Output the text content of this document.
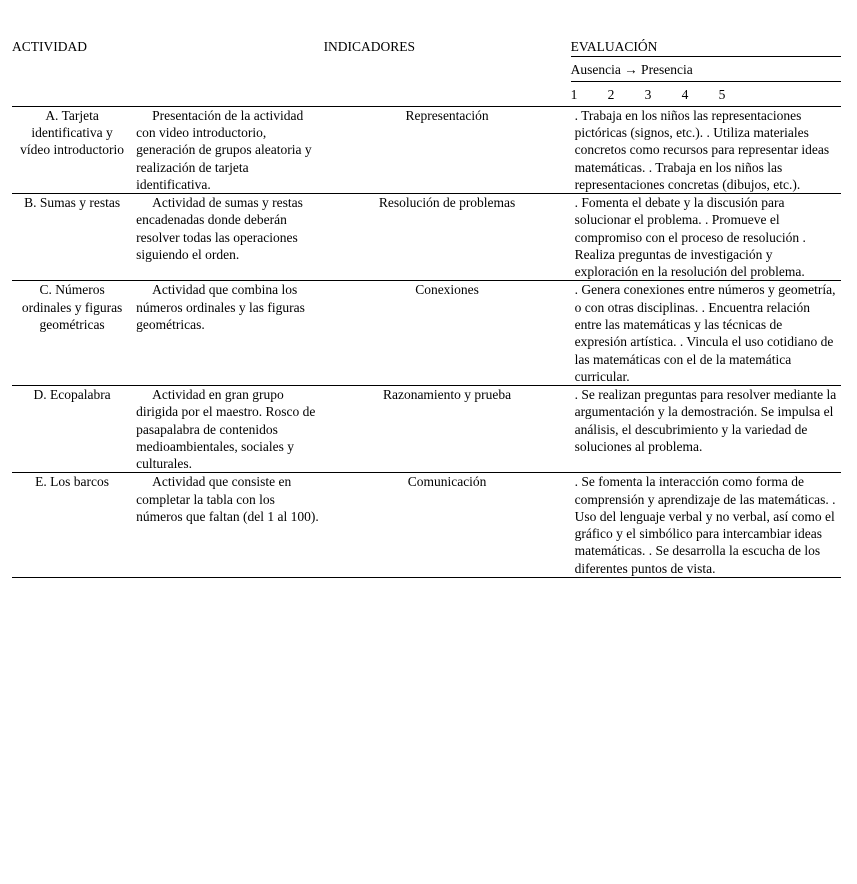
ACTIVIDAD		INDICADORES	EVALUACIÓN
Ausencia → Presencia
1	2	3	4	5

A. Tarjeta identificativa y vídeo introductorio	Presentación de la actividad con video introductorio, generación de grupos aleatoria y realización de tarjeta identificativa.	Representación	. Trabaja en los niños las representaciones pictóricas (signos, etc.). . Utiliza materiales concretos como recursos para representar ideas matemáticas. . Trabaja en los niños las representaciones concretas (dibujos, etc.).

B. Sumas y restas	Actividad de sumas y restas encadenadas donde deberán resolver todas las operaciones siguiendo el orden.	Resolución de problemas	. Fomenta el debate y la discusión para solucionar el problema. . Promueve el compromiso con el proceso de resolución . Realiza preguntas de investigación y exploración en la resolución del problema.

C. Números ordinales y figuras geométricas	Actividad que combina los números ordinales y las figuras geométricas.	Conexiones	. Genera conexiones entre números y geometría, o con otras disciplinas. . Encuentra relación entre las matemáticas y las técnicas de expresión artística. . Vincula el uso cotidiano de las matemáticas con el de la matemática curricular.

D. Ecopalabra	Actividad en gran grupo dirigida por el maestro. Rosco de pasapalabra de contenidos medioambientales, sociales y culturales.	Razonamiento y prueba	. Se realizan preguntas para resolver mediante la argumentación y la demostración. Se impulsa el análisis, el descubrimiento y la variedad de soluciones al problema.

E. Los barcos	Actividad que consiste en completar la tabla con los números que faltan (del 1 al 100).	Comunicación	. Se fomenta la interacción como forma de comprensión y aprendizaje de las matemáticas. . Uso del lenguaje verbal y no verbal, así como el gráfico y el simbólico para intercambiar ideas matemáticas. . Se desarrolla la escucha de los diferentes puntos de vista.
